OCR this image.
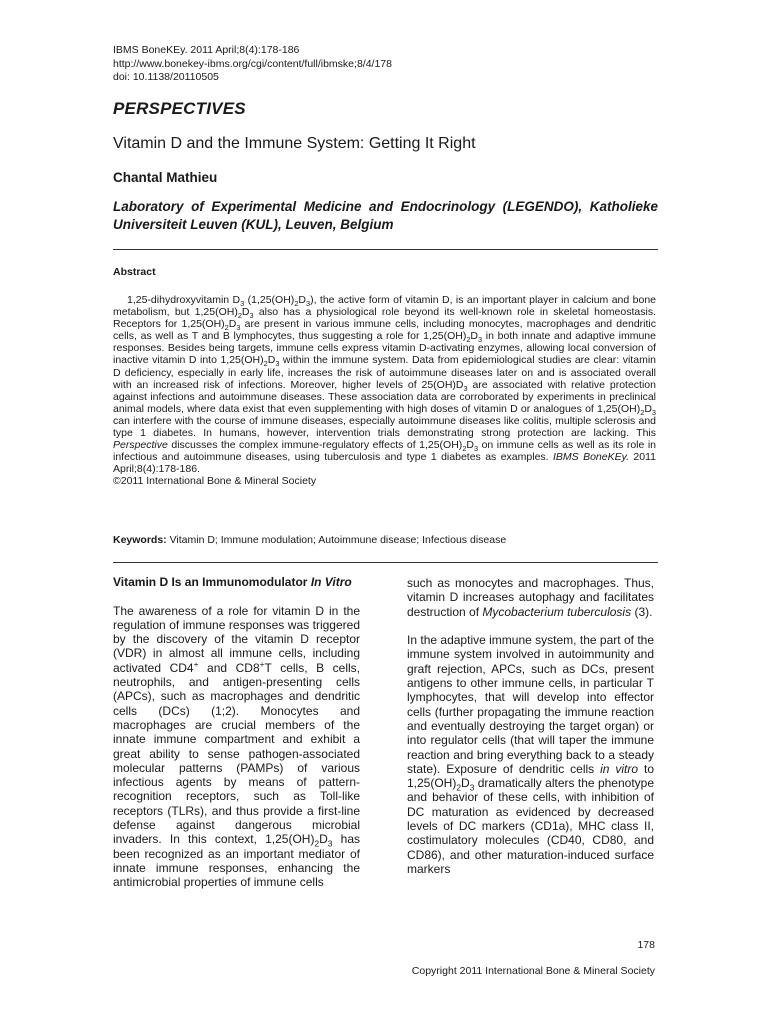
IBMS BoneKEy. 2011 April;8(4):178-186
http://www.bonekey-ibms.org/cgi/content/full/ibmske;8/4/178
doi: 10.1138/20110505
PERSPECTIVES
Vitamin D and the Immune System: Getting It Right
Chantal Mathieu
Laboratory of Experimental Medicine and Endocrinology (LEGENDO), Katholieke Universiteit Leuven (KUL), Leuven, Belgium
Abstract

1,25-dihydroxyvitamin $D_3$ $(1,25(OH)_2D_3)$, the active form of vitamin D, is an important player in calcium and bone metabolism, but $1,25(OH)_2D_3$ also has a physiological role beyond its well-known role in skeletal homeostasis. Receptors for $1,25(OH)_2D_3$ are present in various immune cells, including monocytes, macrophages and dendritic cells, as well as T and B lymphocytes, thus suggesting a role for $1,25(OH)_2D_3$ in both innate and adaptive immune responses. Besides being targets, immune cells express vitamin D-activating enzymes, allowing local conversion of inactive vitamin D into $1,25(OH)_2D_3$ within the immune system. Data from epidemiological studies are clear: vitamin D deficiency, especially in early life, increases the risk of autoimmune diseases later on and is associated overall with an increased risk of infections. Moreover, higher levels of $25(OH)D_3$ are associated with relative protection against infections and autoimmune diseases. These association data are corroborated by experiments in preclinical animal models, where data exist that even supplementing with high doses of vitamin D or analogues of $1,25(OH)_2D_3$ can interfere with the course of immune diseases, especially autoimmune diseases like colitis, multiple sclerosis and type 1 diabetes. In humans, however, intervention trials demonstrating strong protection are lacking. This Perspective discusses the complex immune-regulatory effects of $1,25(OH)_2D_3$ on immune cells as well as its role in infectious and autoimmune diseases, using tuberculosis and type 1 diabetes as examples. IBMS BoneKEy. 2011 April;8(4):178-186.

©2011 International Bone & Mineral Society

Keywords: Vitamin D; Immune modulation; Autoimmune disease; Infectious disease
Vitamin D Is an Immunomodulator In Vitro

The awareness of a role for vitamin D in the regulation of immune responses was triggered by the discovery of the vitamin D receptor (VDR) in almost all immune cells, including activated CD4+ and CD8+T cells, B cells, neutrophils, and antigen-presenting cells (APCs), such as macrophages and dendritic cells (DCs) (1;2). Monocytes and macrophages are crucial members of the innate immune compartment and exhibit a great ability to sense pathogen-associated molecular patterns (PAMPs) of various infectious agents by means of pattern-recognition receptors, such as Toll-like receptors (TLRs), and thus provide a first-line defense against dangerous microbial invaders. In this context, $1,25(OH)_2D_3$ has been recognized as an important mediator of innate immune responses, enhancing the antimicrobial properties of immune cells

such as monocytes and macrophages. Thus, vitamin D increases autophagy and facilitates destruction of Mycobacterium tuberculosis (3).

In the adaptive immune system, the part of the immune system involved in autoimmunity and graft rejection, APCs, such as DCs, present antigens to other immune cells, in particular T lymphocytes, that will develop into effector cells (further propagating the immune reaction and eventually destroying the target organ) or into regulator cells (that will taper the immune reaction and bring everything back to a steady state). Exposure of dendritic cells in vitro to $1,25(OH)_2D_3$ dramatically alters the phenotype and behavior of these cells, with inhibition of DC maturation as evidenced by decreased levels of DC markers (CD1a), MHC class II, costimulatory molecules (CD40, CD80, and CD86), and other maturation-induced surface markers

178
Copyright 2011 International Bone & Mineral Society
